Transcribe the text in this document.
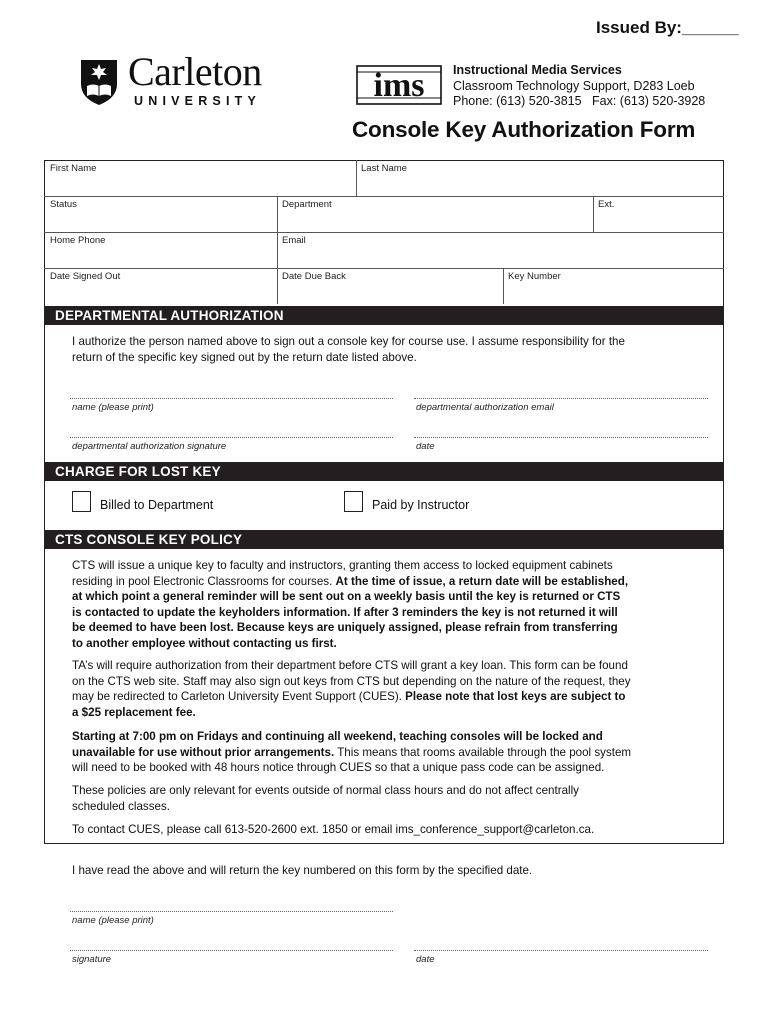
Issued By:______
Carleton
UNIVERSITY	ims Instructional Media Services
Classroom Technology Support, D283 Loeb
Phone: (613) 520-3815 Fax: (613) 520-3928
Console Key Authorization Form
First Name	Last Name
Status	Department	Ext.
Home Phone	Email
Date Signed Out	Date Due Back	Key Number
DEPARTMENTAL AUTHORIZATION
I authorize the person named above to sign out a console key for course use. I assume responsibility for the
return of the specific key signed out by the return date listed above.
name (please print)	departmental authorization email
departmental authorization signature	date
CHARGE FOR LOST KEY
Billed to Department	Paid by Instructor
CTS CONSOLE KEY POLICY
CTS will issue a unique key to faculty and instructors, granting them access to locked equipment cabinets
residing in pool Electronic Classrooms for courses. At the time of issue, a return date will be established,
at which point a general reminder will be sent out on a weekly basis until the key is returned or CTS
is contacted to update the keyholders information. If after 3 reminders the key is not returned it will
be deemed to have been lost. Because keys are uniquely assigned, please refrain from transferring
to another employee without contacting us first.
TA’s will require authorization from their department before CTS will grant a key loan. This form can be found
on the CTS web site. Staff may also sign out keys from CTS but depending on the nature of the request, they
may be redirected to Carleton University Event Support (CUES). Please note that lost keys are subject to
a $25 replacement fee.
Starting at 7:00 pm on Fridays and continuing all weekend, teaching consoles will be locked and
unavailable for use without prior arrangements. This means that rooms available through the pool system
will need to be booked with 48 hours notice through CUES so that a unique pass code can be assigned.
These policies are only relevant for events outside of normal class hours and do not affect centrally
scheduled classes.
To contact CUES, please call 613-520-2600 ext. 1850 or email ims_conference_support@carleton.ca.
I have read the above and will return the key numbered on this form by the specified date.
name (please print)
signature	date
